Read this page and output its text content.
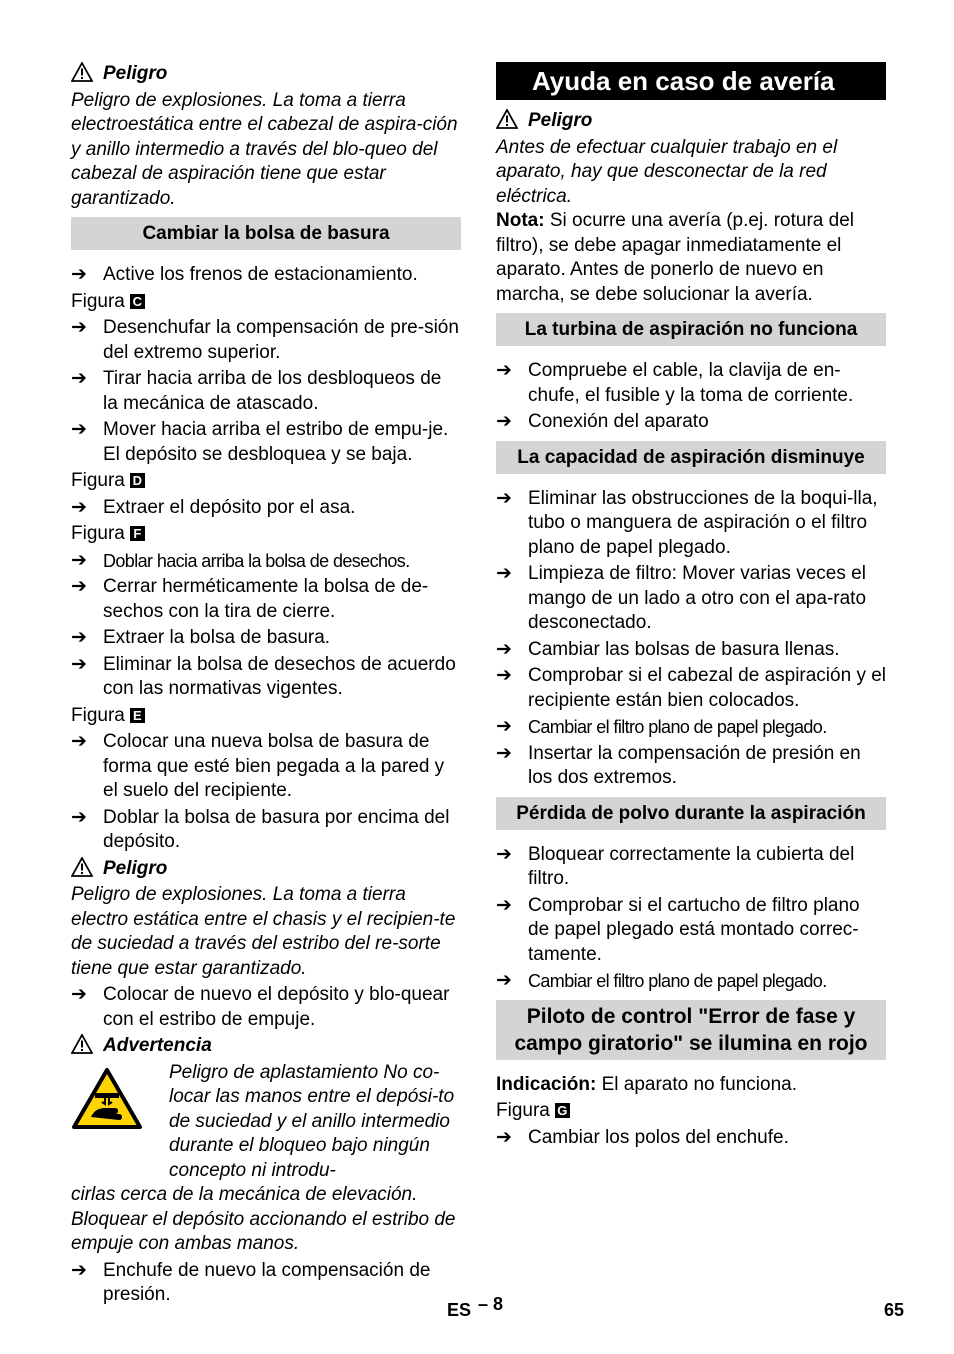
Peligro
Peligro de explosiones. La toma a tierra electroestática entre el cabezal de aspira-ción y anillo intermedio a través del blo-queo del cabezal de aspiración tiene que estar garantizado.
Cambiar la bolsa de basura
➔ Active los frenos de estacionamiento.
Figura C
➔ Desenchufar la compensación de pre-sión del extremo superior.
➔ Tirar hacia arriba de los desbloqueos de la mecánica de atascado.
➔ Mover hacia arriba el estribo de empu-je. El depósito se desbloquea y se baja.
Figura D
➔ Extraer el depósito por el asa.
Figura F
➔ Doblar hacia arriba la bolsa de desechos.
➔ Cerrar herméticamente la bolsa de de-sechos con la tira de cierre.
➔ Extraer la bolsa de basura.
➔ Eliminar la bolsa de desechos de acuerdo con las normativas vigentes.
Figura E
➔ Colocar una nueva bolsa de basura de forma que esté bien pegada a la pared y el suelo del recipiente.
➔ Doblar la bolsa de basura por encima del depósito.
Peligro
Peligro de explosiones. La toma a tierra electro estática entre el chasis y el recipien-te de suciedad a través del estribo del re-sorte tiene que estar garantizado.
➔ Colocar de nuevo el depósito y blo-quear con el estribo de empuje.
Advertencia
Peligro de aplastamiento No co-locar las manos entre el depósi-to de suciedad y el anillo intermedio durante el bloqueo bajo ningún concepto ni introdu-
cirlas cerca de la mecánica de elevación. Bloquear el depósito accionando el estribo de empuje con ambas manos.
➔ Enchufe de nuevo la compensación de presión.
Ayuda en caso de avería
Peligro
Antes de efectuar cualquier trabajo en el aparato, hay que desconectar de la red eléctrica.
Nota: Si ocurre una avería (p.ej. rotura del filtro), se debe apagar inmediatamente el aparato. Antes de ponerlo de nuevo en marcha, se debe solucionar la avería.
La turbina de aspiración no funciona
➔ Compruebe el cable, la clavija de en-chufe, el fusible y la toma de corriente.
➔ Conexión del aparato
La capacidad de aspiración disminuye
➔ Eliminar las obstrucciones de la boqui-lla, tubo o manguera de aspiración o el filtro plano de papel plegado.
➔ Limpieza de filtro: Mover varias veces el mango de un lado a otro con el apa-rato desconectado.
➔ Cambiar las bolsas de basura llenas.
➔ Comprobar si el cabezal de aspiración y el recipiente están bien colocados.
➔ Cambiar el filtro plano de papel plegado.
➔ Insertar la compensación de presión en los dos extremos.
Pérdida de polvo durante la aspiración
➔ Bloquear correctamente la cubierta del filtro.
➔ Comprobar si el cartucho de filtro plano de papel plegado está montado correc-tamente.
➔ Cambiar el filtro plano de papel plegado.
Piloto de control "Error de fase y campo giratorio" se ilumina en rojo
Indicación: El aparato no funciona.
Figura G
➔ Cambiar los polos del enchufe.
ES – 8	65
